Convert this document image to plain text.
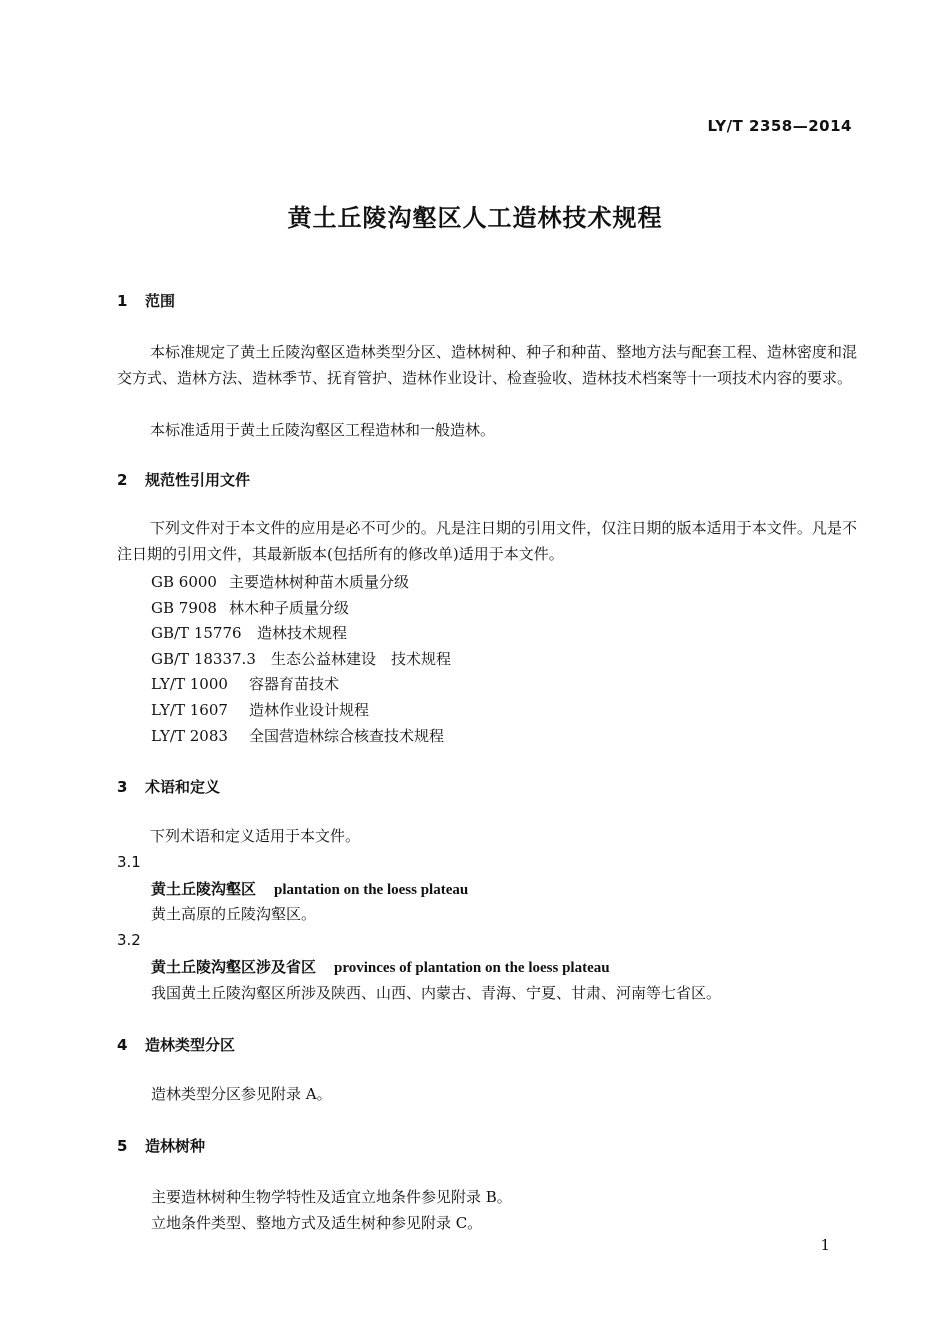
LY/T 2358—2014
黄土丘陵沟壑区人工造林技术规程
1 范围
本标准规定了黄土丘陵沟壑区造林类型分区、造林树种、种子和种苗、整地方法与配套工程、造林密度和混交方式、造林方法、造林季节、抚育管护、造林作业设计、检查验收、造林技术档案等十一项技术内容的要求。
本标准适用于黄土丘陵沟壑区工程造林和一般造林。
2 规范性引用文件
下列文件对于本文件的应用是必不可少的。凡是注日期的引用文件，仅注日期的版本适用于本文件。凡是不注日期的引用文件，其最新版本(包括所有的修改单)适用于本文件。
GB 6000 主要造林树种苗木质量分级
GB 7908 林木种子质量分级
GB/T 15776 造林技术规程
GB/T 18337.3 生态公益林建设　技术规程
LY/T 1000 容器育苗技术
LY/T 1607 造林作业设计规程
LY/T 2083 全国营造林综合核查技术规程
3 术语和定义
下列术语和定义适用于本文件。
3.1
黄土丘陵沟壑区 plantation on the loess plateau
黄土高原的丘陵沟壑区。
3.2
黄土丘陵沟壑区涉及省区 provinces of plantation on the loess plateau
我国黄土丘陵沟壑区所涉及陕西、山西、内蒙古、青海、宁夏、甘肃、河南等七省区。
4 造林类型分区
造林类型分区参见附录 A。
5 造林树种
主要造林树种生物学特性及适宜立地条件参见附录 B。
立地条件类型、整地方式及适生树种参见附录 C。
1
